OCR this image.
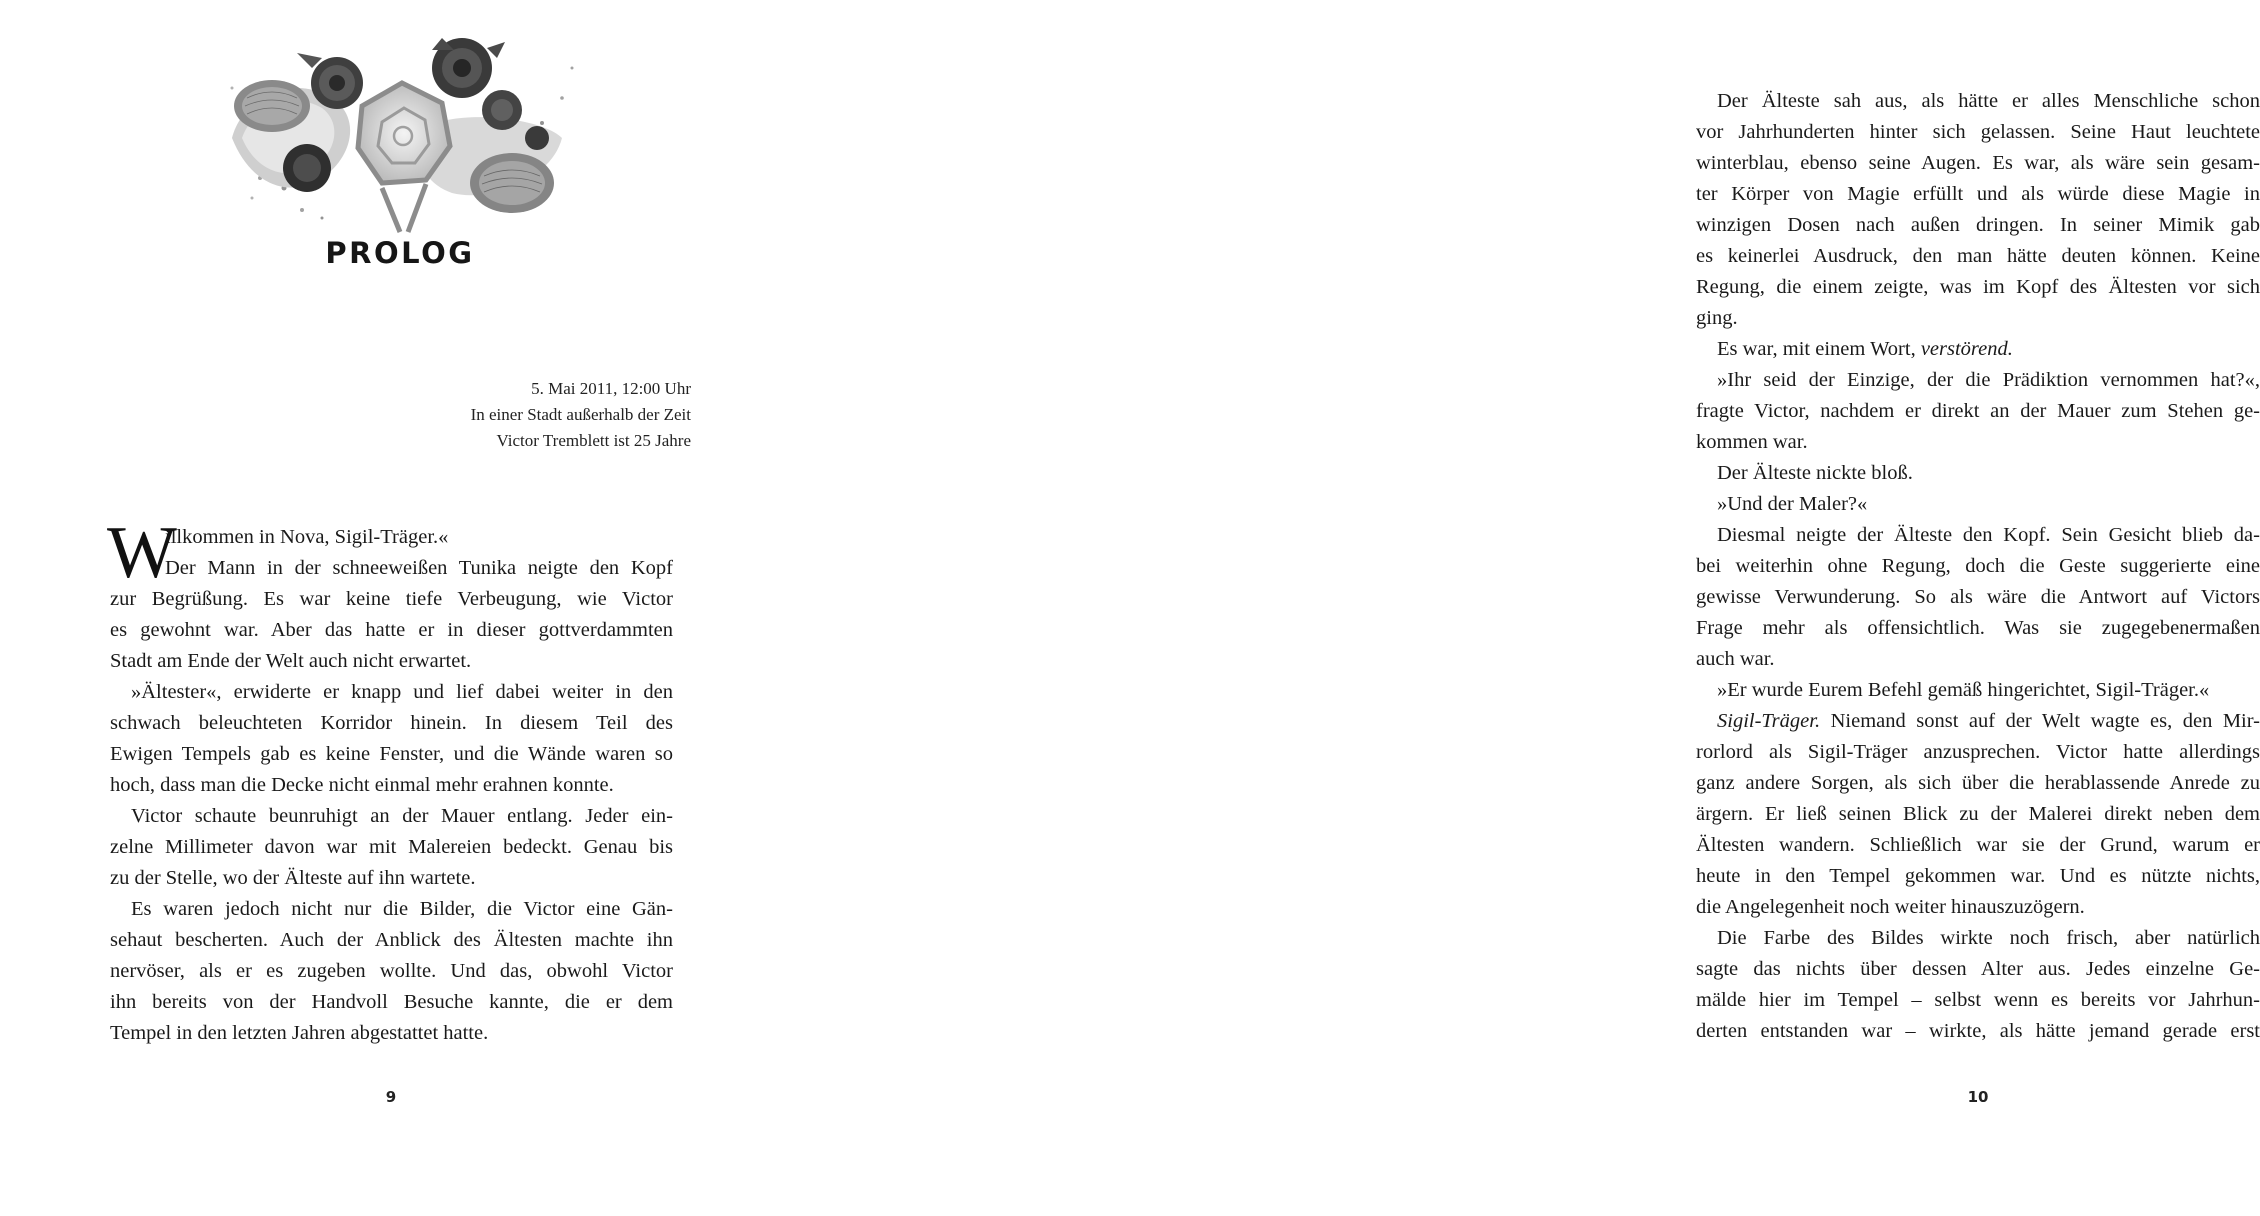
PROLOG
5. Mai 2011, 12:00 Uhr
In einer Stadt außerhalb der Zeit
Victor Tremblett ist 25 Jahre
W
illkommen in Nova, Sigil-Träger.«
Der Mann in der schneeweißen Tunika neigte den Kopf
zur Begrüßung. Es war keine tiefe Verbeugung, wie Victor
es gewohnt war. Aber das hatte er in dieser gottverdammten
Stadt am Ende der Welt auch nicht erwartet.
»Ältester«, erwiderte er knapp und lief dabei weiter in den
schwach beleuchteten Korridor hinein. In diesem Teil des
Ewigen Tempels gab es keine Fenster, und die Wände waren so
hoch, dass man die Decke nicht einmal mehr erahnen konnte.
Victor schaute beunruhigt an der Mauer entlang. Jeder ein-
zelne Millimeter davon war mit Malereien bedeckt. Genau bis
zu der Stelle, wo der Älteste auf ihn wartete.
Es waren jedoch nicht nur die Bilder, die Victor eine Gän-
sehaut bescherten. Auch der Anblick des Ältesten machte ihn
nervöser, als er es zugeben wollte. Und das, obwohl Victor
ihn bereits von der Handvoll Besuche kannte, die er dem
Tempel in den letzten Jahren abgestattet hatte.
9
Der Älteste sah aus, als hätte er alles Menschliche schon
vor Jahrhunderten hinter sich gelassen. Seine Haut leuchtete
winterblau, ebenso seine Augen. Es war, als wäre sein gesam-
ter Körper von Magie erfüllt und als würde diese Magie in
winzigen Dosen nach außen dringen. In seiner Mimik gab
es keinerlei Ausdruck, den man hätte deuten können. Keine
Regung, die einem zeigte, was im Kopf des Ältesten vor sich
ging.
Es war, mit einem Wort, verstörend.
»Ihr seid der Einzige, der die Prädiktion vernommen hat?«,
fragte Victor, nachdem er direkt an der Mauer zum Stehen ge-
kommen war.
Der Älteste nickte bloß.
»Und der Maler?«
Diesmal neigte der Älteste den Kopf. Sein Gesicht blieb da-
bei weiterhin ohne Regung, doch die Geste suggerierte eine
gewisse Verwunderung. So als wäre die Antwort auf Victors
Frage mehr als offensichtlich. Was sie zugegebenermaßen
auch war.
»Er wurde Eurem Befehl gemäß hingerichtet, Sigil-Träger.«
Sigil-Träger. Niemand sonst auf der Welt wagte es, den Mir-
rorlord als Sigil-Träger anzusprechen. Victor hatte allerdings
ganz andere Sorgen, als sich über die herablassende Anrede zu
ärgern. Er ließ seinen Blick zu der Malerei direkt neben dem
Ältesten wandern. Schließlich war sie der Grund, warum er
heute in den Tempel gekommen war. Und es nützte nichts,
die Angelegenheit noch weiter hinauszuzögern.
Die Farbe des Bildes wirkte noch frisch, aber natürlich
sagte das nichts über dessen Alter aus. Jedes einzelne Ge-
mälde hier im Tempel – selbst wenn es bereits vor Jahrhun-
derten entstanden war – wirkte, als hätte jemand gerade erst
10
